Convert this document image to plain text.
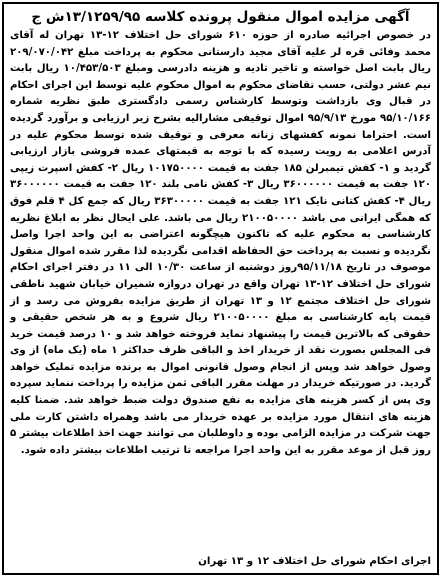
آگهی مزایده اموال منقول پرونده کلاسه ۱۳/۱۲۵۹/۹۵ش ج

در خصوص اجرائیه صادره از حوزه ۶۱۰ شورای حل اختلاف ۱۲-۱۳ تهران له آقای محمد وفائی قره لر علیه آقای مجید دارستانی محکوم به پرداخت مبلغ ۲۰۹/۰۷۰/۰۴۲ ریال بابت اصل خواسته و تاخیر تادیه و هزینه دادرسی ومبلغ ۱۰/۴۵۳/۵۰۳ ریال بابت نیم عشر دولتی، حسب تقاضای محکوم به اموال محکوم علیه توسط این اجرای احکام در قبال وی بازداشت وتوسط کارشناس رسمی دادگستری طبق نظریه شماره ۹۵/۱۰/۱۶۶ مورخ ۹۵/۹/۱۳ اموال توقیفی مشارالیه بشرح زیر ارزیابی و برآورد گردیده است. احتراما نمونه کفشهای زنانه معرفی و توقیف شده توسط محکوم علیه در آدرس اعلامی به رویت رسیده که با توجه به قیمتهای عمده فروشی بازار ارزیابی گردید و ۱- کفش تیمبرلن ۱۸۵ جفت به قیمت ۱۰۱۷۵۰۰۰۰ ریال ۲- کفش اسپرت زیپی ۱۲۰ جفت به قیمت ۳۶۰۰۰۰۰۰ ریال ۳- کفش نامی بلند ۱۲۰ جفت به قیمت ۳۶۰۰۰۰۰۰ ریال ۴- کفش کتانی نایک ۱۲۱ جفت به قیمت ۳۶۳۰۰۰۰۰ ریال که جمع کل ۴ قلم فوق که همگی ایرانی می باشد ۲۱۰۰۵۰۰۰۰ ریال می باشد. علی ایحال نظر به ابلاغ نظریه کارشناسی به محکوم علیه که تاکنون هیچگونه اعتراضی به این واحد اجرا واصل نگردیده و نسبت به پرداخت حق الحفاظه اقدامی نگردیده لذا مقرر شده اموال منقول موصوف در تاریخ ۹۵/۱۱/۱۸روز دوشنبه از ساعت ۱۰/۳۰ الی ۱۱ در دفتر اجرای احکام شورای حل اختلاف ۱۲-۱۳ تهران واقع در تهران دروازه شمیران خیابان شهید ناطقی شورای حل اختلاف مجتمع ۱۲ و ۱۳ تهران از طریق مزایده بفروش می رسد و از قیمت پایه کارشناسی به مبلغ ۲۱۰۰۵۰۰۰۰ ریال شروع و به هر شخص حقیقی و حقوقی که بالاترین قیمت را پیشنهاد نماید فروخته خواهد شد و ۱۰ درصد قیمت خرید فی المجلس بصورت نقد از خریدار اخذ و الباقی ظرف حداکثر ۱ ماه (یک ماه) از وی وصول خواهد شد وپس از انجام وصول قانونی اموال به برنده مزایده تملیک خواهد گردید. در صورتیکه خریدار در مهلت مقرر الباقی ثمن مزایده را پرداخت ننماید سپرده وی پس از کسر هزینه های مزایده به نفع صندوق دولت ضبط خواهد شد. ضمنا کلیه هزینه های انتقال مورد مزایده بر عهده خریدار می باشد وهمراه داشتن کارت ملی جهت شرکت در مزایده الزامی بوده و داوطلبان می توانند جهت اخذ اطلاعات بیشتر ۵ روز قبل از موعد مقرر به این واحد اجرا مراجعه تا ترتیب اطلاعات بیشتر داده شود.

اجرای احکام شورای حل اختلاف ۱۲ و ۱۳ تهران
